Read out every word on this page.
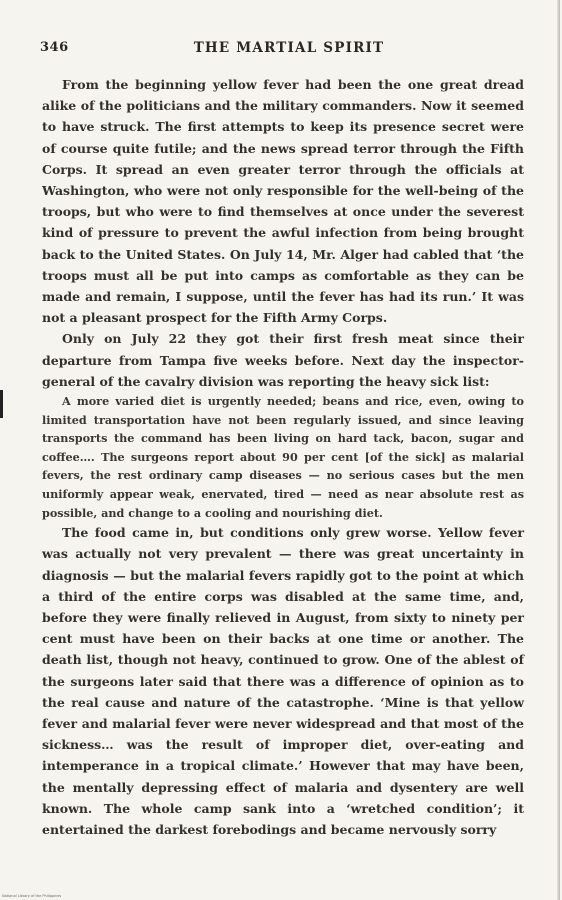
346	THE MARTIAL SPIRIT

From the beginning yellow fever had been the one great dread alike of the politicians and the military commanders. Now it seemed to have struck. The first attempts to keep its presence secret were of course quite futile; and the news spread terror through the Fifth Corps. It spread an even greater terror through the officials at Washington, who were not only responsible for the well-being of the troops, but who were to find themselves at once under the severest kind of pressure to prevent the awful infection from being brought back to the United States. On July 14, Mr. Alger had cabled that ‘the troops must all be put into camps as comfortable as they can be made and remain, I suppose, until the fever has had its run.’ It was not a pleasant prospect for the Fifth Army Corps.

Only on July 22 they got their first fresh meat since their departure from Tampa five weeks before. Next day the inspector-general of the cavalry division was reporting the heavy sick list:

A more varied diet is urgently needed; beans and rice, even, owing to limited transportation have not been regularly issued, and since leaving transports the command has been living on hard tack, bacon, sugar and coffee…. The surgeons report about 90 per cent [of the sick] as malarial fevers, the rest ordinary camp diseases — no serious cases but the men uniformly appear weak, enervated, tired — need as near absolute rest as possible, and change to a cooling and nourishing diet.

The food came in, but conditions only grew worse. Yellow fever was actually not very prevalent — there was great uncertainty in diagnosis — but the malarial fevers rapidly got to the point at which a third of the entire corps was disabled at the same time, and, before they were finally relieved in August, from sixty to ninety per cent must have been on their backs at one time or another. The death list, though not heavy, continued to grow. One of the ablest of the surgeons later said that there was a difference of opinion as to the real cause and nature of the catastrophe. ‘Mine is that yellow fever and malarial fever were never widespread and that most of the sickness… was the result of improper diet, over-eating and intemperance in a tropical climate.’ However that may have been, the mentally depressing effect of malaria and dysentery are well known. The whole camp sank into a ‘wretched condition’; it entertained the darkest forebodings and became nervously sorry

National Library of the Philippines
